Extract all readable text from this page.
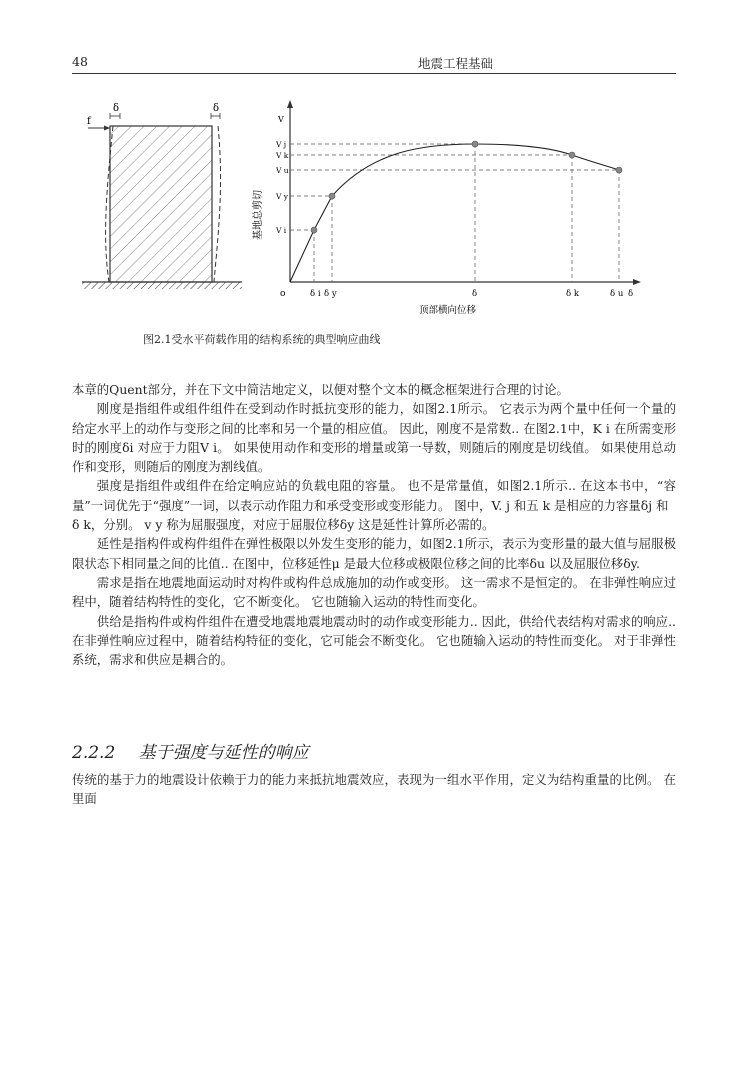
48	地震工程基础
f
δ	δ
V
o
基地总剪切
顶部横向位移
V j
V k
V u
V y
V i
δ i δ y	δ	δ k	δ u δ
图2.1受水平荷载作用的结构系统的典型响应曲线

本章的Quent部分，并在下文中简洁地定义，以便对整个文本的概念框架进行合理的讨论。

刚度是指组件或组件组件在受到动作时抵抗变形的能力，如图2.1所示。 它表示为两个量中任何一个量的给定水平上的动作与变形之间的比率和另一个量的相应值。 因此，刚度不是常数.. 在图2.1中，K i 在所需变形时的刚度δi 对应于力阻V i。 如果使用动作和变形的增量或第一导数，则随后的刚度是切线值。 如果使用总动作和变形，则随后的刚度为割线值。

强度是指组件或组件在给定响应站的负载电阻的容量。 也不是常量值，如图2.1所示.. 在这本书中，“容量”一词优先于“强度”一词，以表示动作阻力和承受变形或变形能力。 图中，V. j 和五 k 是相应的力容量δj 和

δ k，分别。 v y 称为屈服强度，对应于屈服位移δy 这是延性计算所必需的。

延性是指构件或构件组件在弹性极限以外发生变形的能力，如图2.1所示，表示为变形量的最大值与屈服极限状态下相同量之间的比值.. 在图中，位移延性μ 是最大位移或极限位移之间的比率δu 以及屈服位移δy.

需求是指在地震地面运动时对构件或构件总成施加的动作或变形。 这一需求不是恒定的。 在非弹性响应过程中，随着结构特性的变化，它不断变化。 它也随输入运动的特性而变化。

供给是指构件或构件组件在遭受地震地震地震动时的动作或变形能力.. 因此，供给代表结构对需求的响应.. 在非弹性响应过程中，随着结构特征的变化，它可能会不断变化。 它也随输入运动的特性而变化。 对于非弹性系统，需求和供应是耦合的。

2.2.2 基于强度与延性的响应

传统的基于力的地震设计依赖于力的能力来抵抗地震效应，表现为一组水平作用，定义为结构重量的比例。 在里面
